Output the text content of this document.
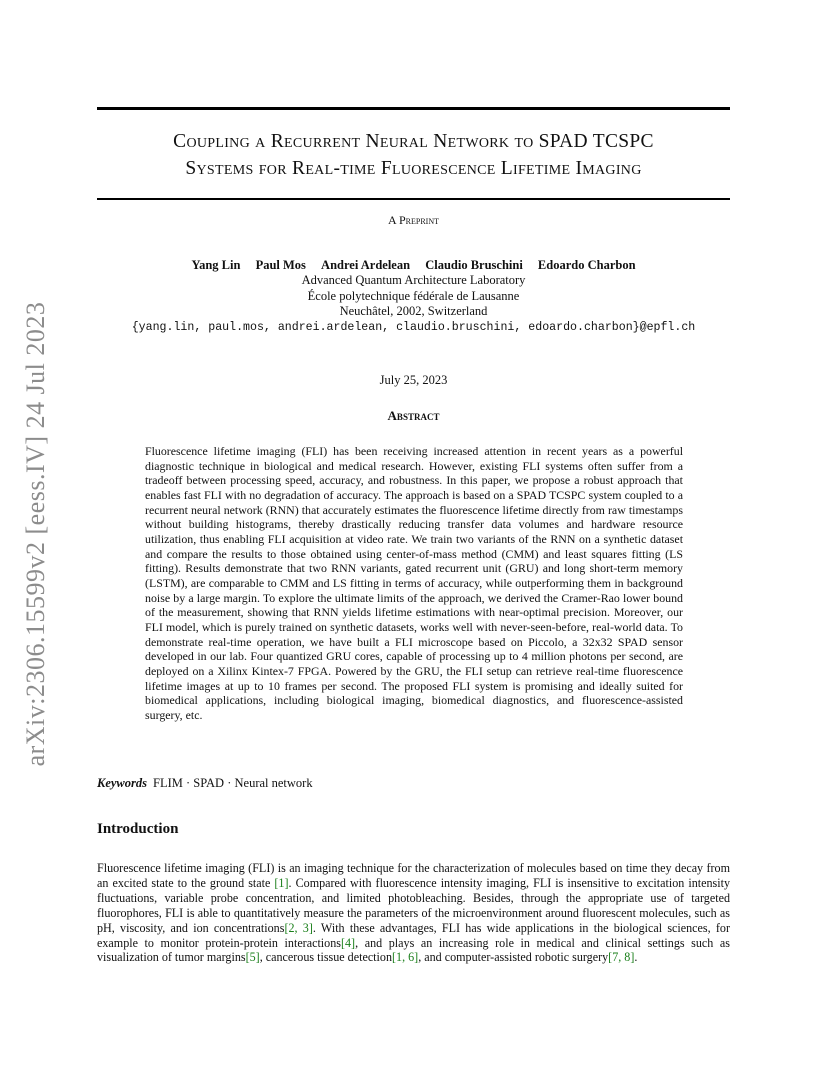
arXiv:2306.15599v2 [eess.IV] 24 Jul 2023
Coupling a Recurrent Neural Network to SPAD TCSPC
Systems for Real-time Fluorescence Lifetime Imaging
A Preprint
Yang Lin Paul Mos Andrei Ardelean Claudio Bruschini Edoardo Charbon
Advanced Quantum Architecture Laboratory
École polytechnique fédérale de Lausanne
Neuchâtel, 2002, Switzerland
{yang.lin, paul.mos, andrei.ardelean, claudio.bruschini, edoardo.charbon}@epfl.ch
July 25, 2023
Abstract
Fluorescence lifetime imaging (FLI) has been receiving increased attention in recent years as a powerful diagnostic technique in biological and medical research. However, existing FLI systems often suffer from a tradeoff between processing speed, accuracy, and robustness. In this paper, we propose a robust approach that enables fast FLI with no degradation of accuracy. The approach is based on a SPAD TCSPC system coupled to a recurrent neural network (RNN) that accurately estimates the fluorescence lifetime directly from raw timestamps without building histograms, thereby drastically reducing transfer data volumes and hardware resource utilization, thus enabling FLI acquisition at video rate. We train two variants of the RNN on a synthetic dataset and compare the results to those obtained using center-of-mass method (CMM) and least squares fitting (LS fitting). Results demonstrate that two RNN variants, gated recurrent unit (GRU) and long short-term memory (LSTM), are comparable to CMM and LS fitting in terms of accuracy, while outperforming them in background noise by a large margin. To explore the ultimate limits of the approach, we derived the Cramer-Rao lower bound of the measurement, showing that RNN yields lifetime estimations with near-optimal precision. Moreover, our FLI model, which is purely trained on synthetic datasets, works well with never-seen-before, real-world data. To demonstrate real-time operation, we have built a FLI microscope based on Piccolo, a 32x32 SPAD sensor developed in our lab. Four quantized GRU cores, capable of processing up to 4 million photons per second, are deployed on a Xilinx Kintex-7 FPGA. Powered by the GRU, the FLI setup can retrieve real-time fluorescence lifetime images at up to 10 frames per second. The proposed FLI system is promising and ideally suited for biomedical applications, including biological imaging, biomedical diagnostics, and fluorescence-assisted surgery, etc.
Keywords FLIM · SPAD · Neural network
Introduction
Fluorescence lifetime imaging (FLI) is an imaging technique for the characterization of molecules based on time they decay from an excited state to the ground state [1]. Compared with fluorescence intensity imaging, FLI is insensitive to excitation intensity fluctuations, variable probe concentration, and limited photobleaching. Besides, through the appropriate use of targeted fluorophores, FLI is able to quantitatively measure the parameters of the microenvironment around fluorescent molecules, such as pH, viscosity, and ion concentrations[2, 3]. With these advantages, FLI has wide applications in the biological sciences, for example to monitor protein-protein interactions[4], and plays an increasing role in medical and clinical settings such as visualization of tumor margins[5], cancerous tissue detection[1, 6], and computer-assisted robotic surgery[7, 8].
